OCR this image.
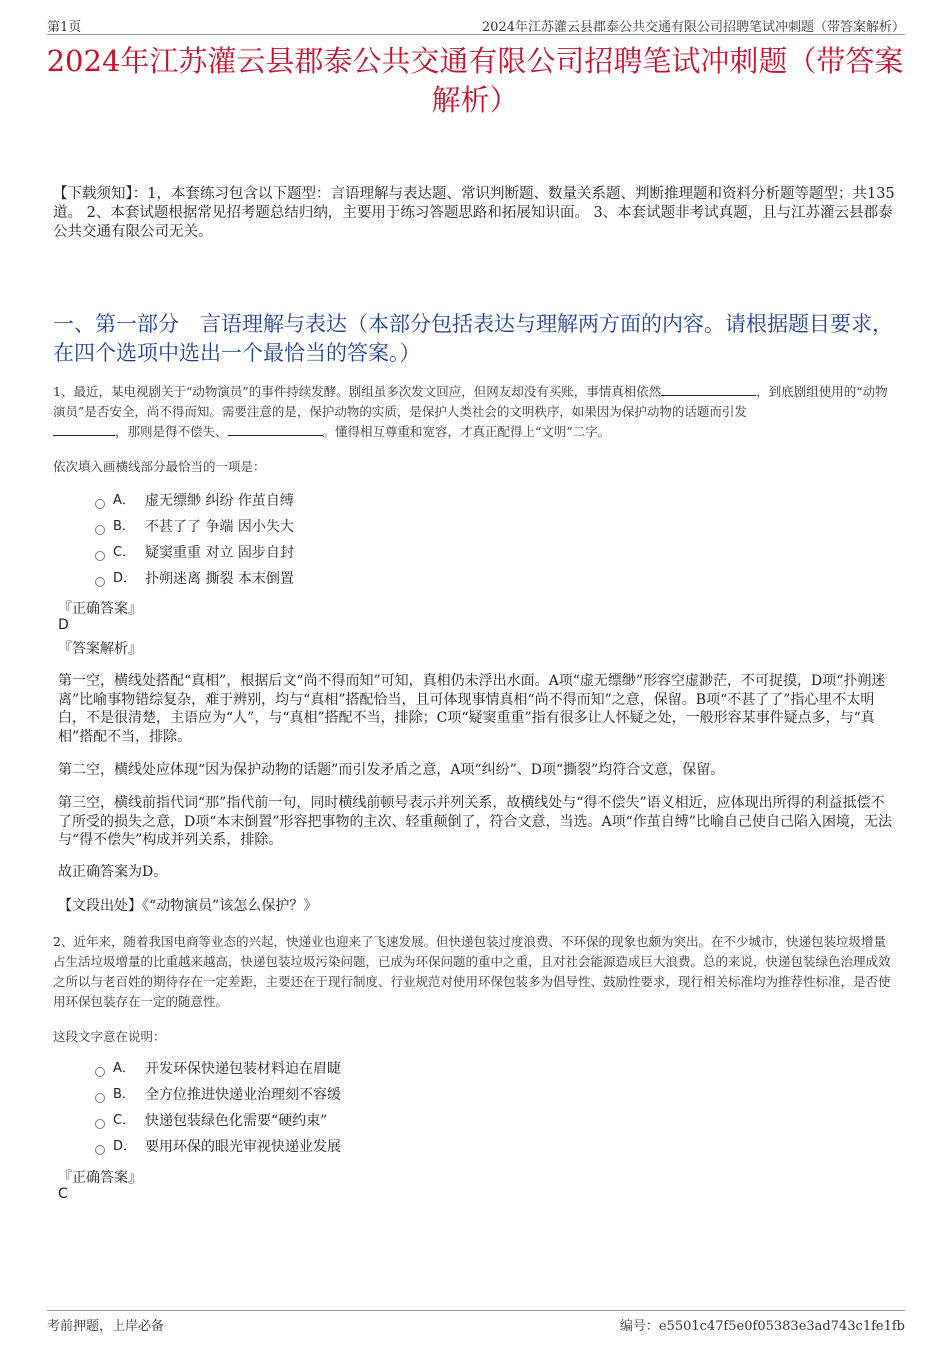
第1页	2024年江苏灌云县郡泰公共交通有限公司招聘笔试冲刺题（带答案解析）
2024年江苏灌云县郡泰公共交通有限公司招聘笔试冲刺题（带答案解析）
【下载须知】：1，本套练习包含以下题型：言语理解与表达题、常识判断题、数量关系题、判断推理题和资料分析题等题型；共135道。 2、本套试题根据常见招考题总结归纳，主要用于练习答题思路和拓展知识面。 3、本套试题非考试真题，且与江苏灌云县郡泰公共交通有限公司无关。
一、第一部分　言语理解与表达（本部分包括表达与理解两方面的内容。请根据题目要求，在四个选项中选出一个最恰当的答案。）
1、最近，某电视剧关于“动物演员”的事件持续发酵。剧组虽多次发文回应，但网友却没有买账，事情真相依然	，到底剧组使用的“动物演员”是否安全，尚不得而知。需要注意的是，保护动物的实质，是保护人类社会的文明秩序，如果因为保护动物的话题而引发
，那则是得不偿失、	。懂得相互尊重和宽容，才真正配得上“文明”二字。
依次填入画横线部分最恰当的一项是：
A． 虚无缥缈 纠纷 作茧自缚
B． 不甚了了 争端 因小失大
C． 疑窦重重 对立 固步自封
D． 扑朔迷离 撕裂 本末倒置
『正确答案』
D
『答案解析』
第一空，横线处搭配“真相”，根据后文“尚不得而知”可知，真相仍未浮出水面。A项“虚无缥缈”形容空虚渺茫，不可捉摸，D项“扑朔迷离”比喻事物错综复杂，难于辨别，均与“真相”搭配恰当，且可体现事情真相“尚不得而知”之意，保留。B项“不甚了了”指心里不太明白，不是很清楚，主语应为“人”，与“真相”搭配不当，排除；C项“疑窦重重”指有很多让人怀疑之处，一般形容某事件疑点多，与“真相”搭配不当，排除。
第二空，横线处应体现“因为保护动物的话题”而引发矛盾之意，A项“纠纷”、D项“撕裂”均符合文意，保留。
第三空，横线前指代词“那”指代前一句，同时横线前顿号表示并列关系，故横线处与“得不偿失”语义相近，应体现出所得的利益抵偿不了所受的损失之意，D项“本末倒置”形容把事物的主次、轻重颠倒了，符合文意，当选。A项“作茧自缚”比喻自己使自己陷入困境，无法与“得不偿失”构成并列关系，排除。
故正确答案为D。
【文段出处】《“动物演员”该怎么保护？》
2、近年来，随着我国电商等业态的兴起，快递业也迎来了飞速发展。但快递包装过度浪费、不环保的现象也颇为突出。在不少城市，快递包装垃圾增量占生活垃圾增量的比重越来越高，快递包装垃圾污染问题，已成为环保问题的重中之重，且对社会能源造成巨大浪费。总的来说，快递包装绿色治理成效之所以与老百姓的期待存在一定差距，主要还在于现行制度、行业规范对使用环保包装多为倡导性、鼓励性要求，现行相关标准均为推荐性标准，是否使用环保包装存在一定的随意性。
这段文字意在说明：
A． 开发环保快递包装材料迫在眉睫
B． 全方位推进快递业治理刻不容缓
C． 快递包装绿色化需要“硬约束”
D． 要用环保的眼光审视快递业发展
『正确答案』
C
考前押题，上岸必备	编号：e5501c47f5e0f05383e3ad743c1fe1fb
